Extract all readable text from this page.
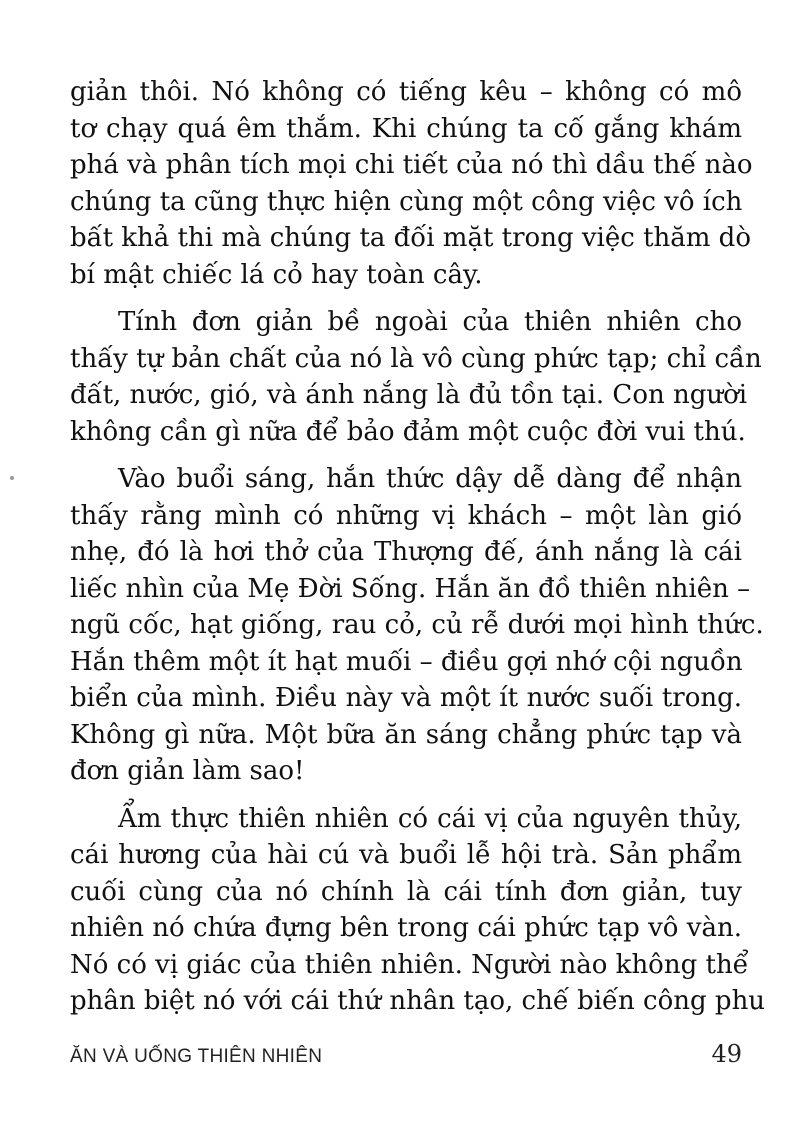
giản thôi. Nó không có tiếng kêu – không có mô
tơ chạy quá êm thắm. Khi chúng ta cố gắng khám
phá và phân tích mọi chi tiết của nó thì dầu thế nào
chúng ta cũng thực hiện cùng một công việc vô ích
bất khả thi mà chúng ta đối mặt trong việc thăm dò
bí mật chiếc lá cỏ hay toàn cây.
Tính đơn giản bề ngoài của thiên nhiên cho
thấy tự bản chất của nó là vô cùng phức tạp; chỉ cần
đất, nước, gió, và ánh nắng là đủ tồn tại. Con người
không cần gì nữa để bảo đảm một cuộc đời vui thú.
Vào buổi sáng, hắn thức dậy dễ dàng để nhận
thấy rằng mình có những vị khách – một làn gió
nhẹ, đó là hơi thở của Thượng đế, ánh nắng là cái
liếc nhìn của Mẹ Đời Sống. Hắn ăn đồ thiên nhiên –
ngũ cốc, hạt giống, rau cỏ, củ rễ dưới mọi hình thức.
Hắn thêm một ít hạt muối – điều gợi nhớ cội nguồn
biển của mình. Điều này và một ít nước suối trong.
Không gì nữa. Một bữa ăn sáng chẳng phức tạp và
đơn giản làm sao!
Ẩm thực thiên nhiên có cái vị của nguyên thủy,
cái hương của hài cú và buổi lễ hội trà. Sản phẩm
cuối cùng của nó chính là cái tính đơn giản, tuy
nhiên nó chứa đựng bên trong cái phức tạp vô vàn.
Nó có vị giác của thiên nhiên. Người nào không thể
phân biệt nó với cái thứ nhân tạo, chế biến công phu
ĂN VÀ UỐNG THIÊN NHIÊN	49
